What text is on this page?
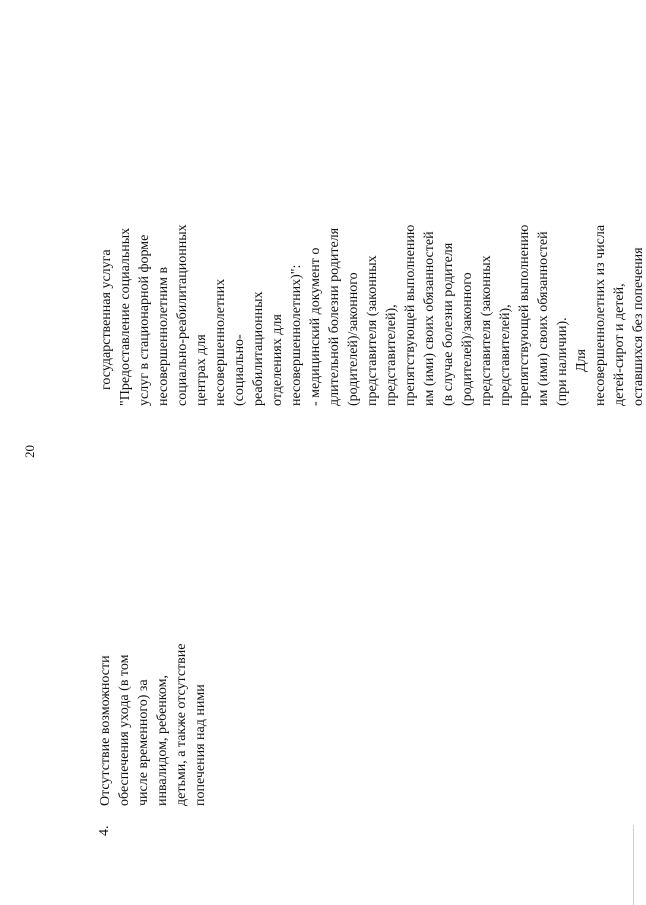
20
4.
Отсутствие возможности обеспечения ухода (в том числе временного) за инвалидом, ребенком, детьми, а также отсутствие попечения над ними
государственная услуга "Предоставление социальных услуг в стационарной форме несовершеннолетним в социально-реабилитационных центрах для несовершеннолетних (социально- реабилитационных отделениях для несовершеннолетних)": - медицинский документ о длительной болезни родителя (родителей)/законного представителя (законных представителей), препятствующей выполнению им (ими) своих обязанностей (в случае болезни родителя (родителей)/законного представителя (законных представителей), препятствующей выполнению им (ими) своих обязанностей (при наличии). Для несовершеннолетних из числа детей-сирот и детей, оставшихся без попечения
